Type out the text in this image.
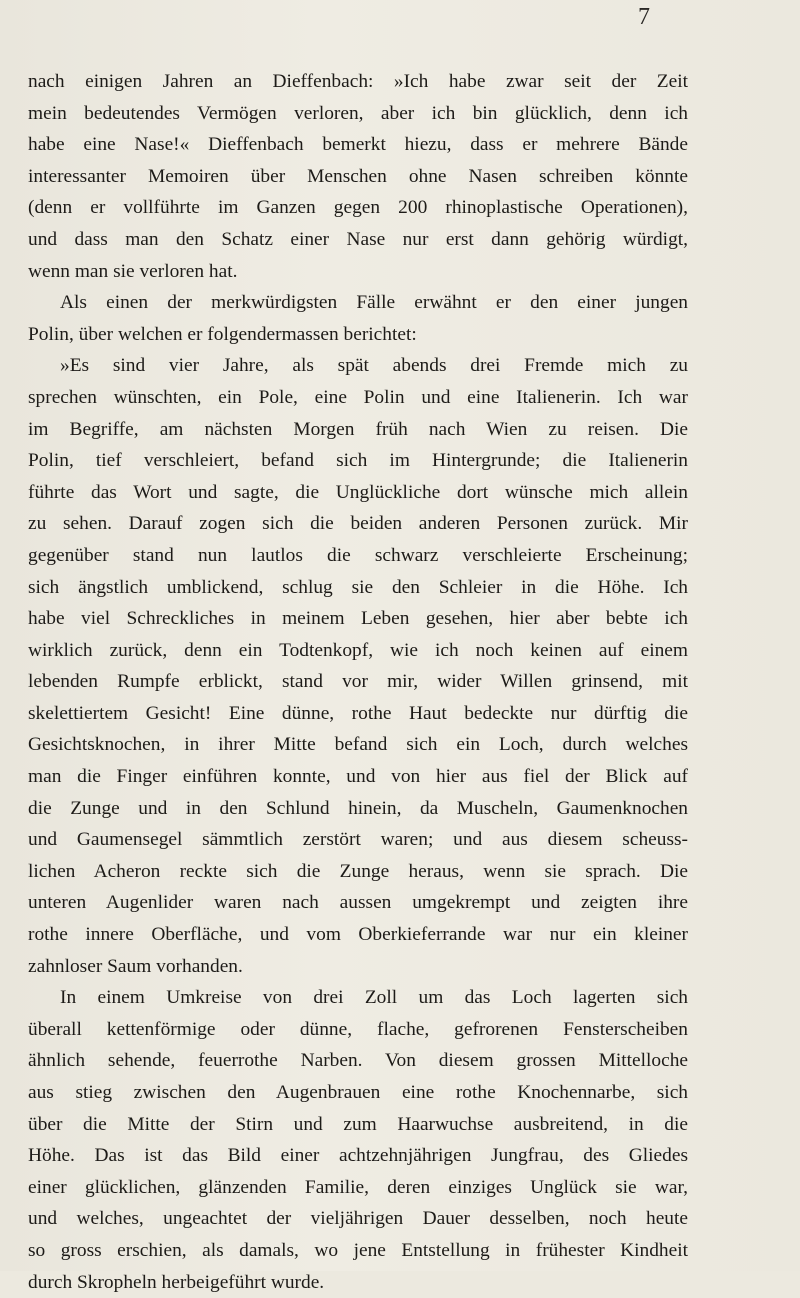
7
nach einigen Jahren an Dieffenbach: »Ich habe zwar seit der Zeit
mein bedeutendes Vermögen verloren, aber ich bin glücklich, denn ich
habe eine Nase!« Dieffenbach bemerkt hiezu, dass er mehrere Bände
interessanter Memoiren über Menschen ohne Nasen schreiben könnte
(denn er vollführte im Ganzen gegen 200 rhinoplastische Operationen),
und dass man den Schatz einer Nase nur erst dann gehörig würdigt,
wenn man sie verloren hat.
Als einen der merkwürdigsten Fälle erwähnt er den einer jungen
Polin, über welchen er folgendermassen berichtet:
»Es sind vier Jahre, als spät abends drei Fremde mich zu
sprechen wünschten, ein Pole, eine Polin und eine Italienerin. Ich war
im Begriffe, am nächsten Morgen früh nach Wien zu reisen. Die
Polin, tief verschleiert, befand sich im Hintergrunde; die Italienerin
führte das Wort und sagte, die Unglückliche dort wünsche mich allein
zu sehen. Darauf zogen sich die beiden anderen Personen zurück. Mir
gegenüber stand nun lautlos die schwarz verschleierte Erscheinung;
sich ängstlich umblickend, schlug sie den Schleier in die Höhe. Ich
habe viel Schreckliches in meinem Leben gesehen, hier aber bebte ich
wirklich zurück, denn ein Todtenkopf, wie ich noch keinen auf einem
lebenden Rumpfe erblickt, stand vor mir, wider Willen grinsend, mit
skelettiertem Gesicht! Eine dünne, rothe Haut bedeckte nur dürftig die
Gesichtsknochen, in ihrer Mitte befand sich ein Loch, durch welches
man die Finger einführen konnte, und von hier aus fiel der Blick auf
die Zunge und in den Schlund hinein, da Muscheln, Gaumenknochen
und Gaumensegel sämmtlich zerstört waren; und aus diesem scheuss-
lichen Acheron reckte sich die Zunge heraus, wenn sie sprach. Die
unteren Augenlider waren nach aussen umgekrempt und zeigten ihre
rothe innere Oberfläche, und vom Oberkieferrande war nur ein kleiner
zahnloser Saum vorhanden.
In einem Umkreise von drei Zoll um das Loch lagerten sich
überall kettenförmige oder dünne, flache, gefrorenen Fensterscheiben
ähnlich sehende, feuerrothe Narben. Von diesem grossen Mittelloche
aus stieg zwischen den Augenbrauen eine rothe Knochennarbe, sich
über die Mitte der Stirn und zum Haarwuchse ausbreitend, in die
Höhe. Das ist das Bild einer achtzehnjährigen Jungfrau, des Gliedes
einer glücklichen, glänzenden Familie, deren einziges Unglück sie war,
und welches, ungeachtet der vieljährigen Dauer desselben, noch heute
so gross erschien, als damals, wo jene Entstellung in frühester Kindheit
durch Skropheln herbeigeführt wurde.
